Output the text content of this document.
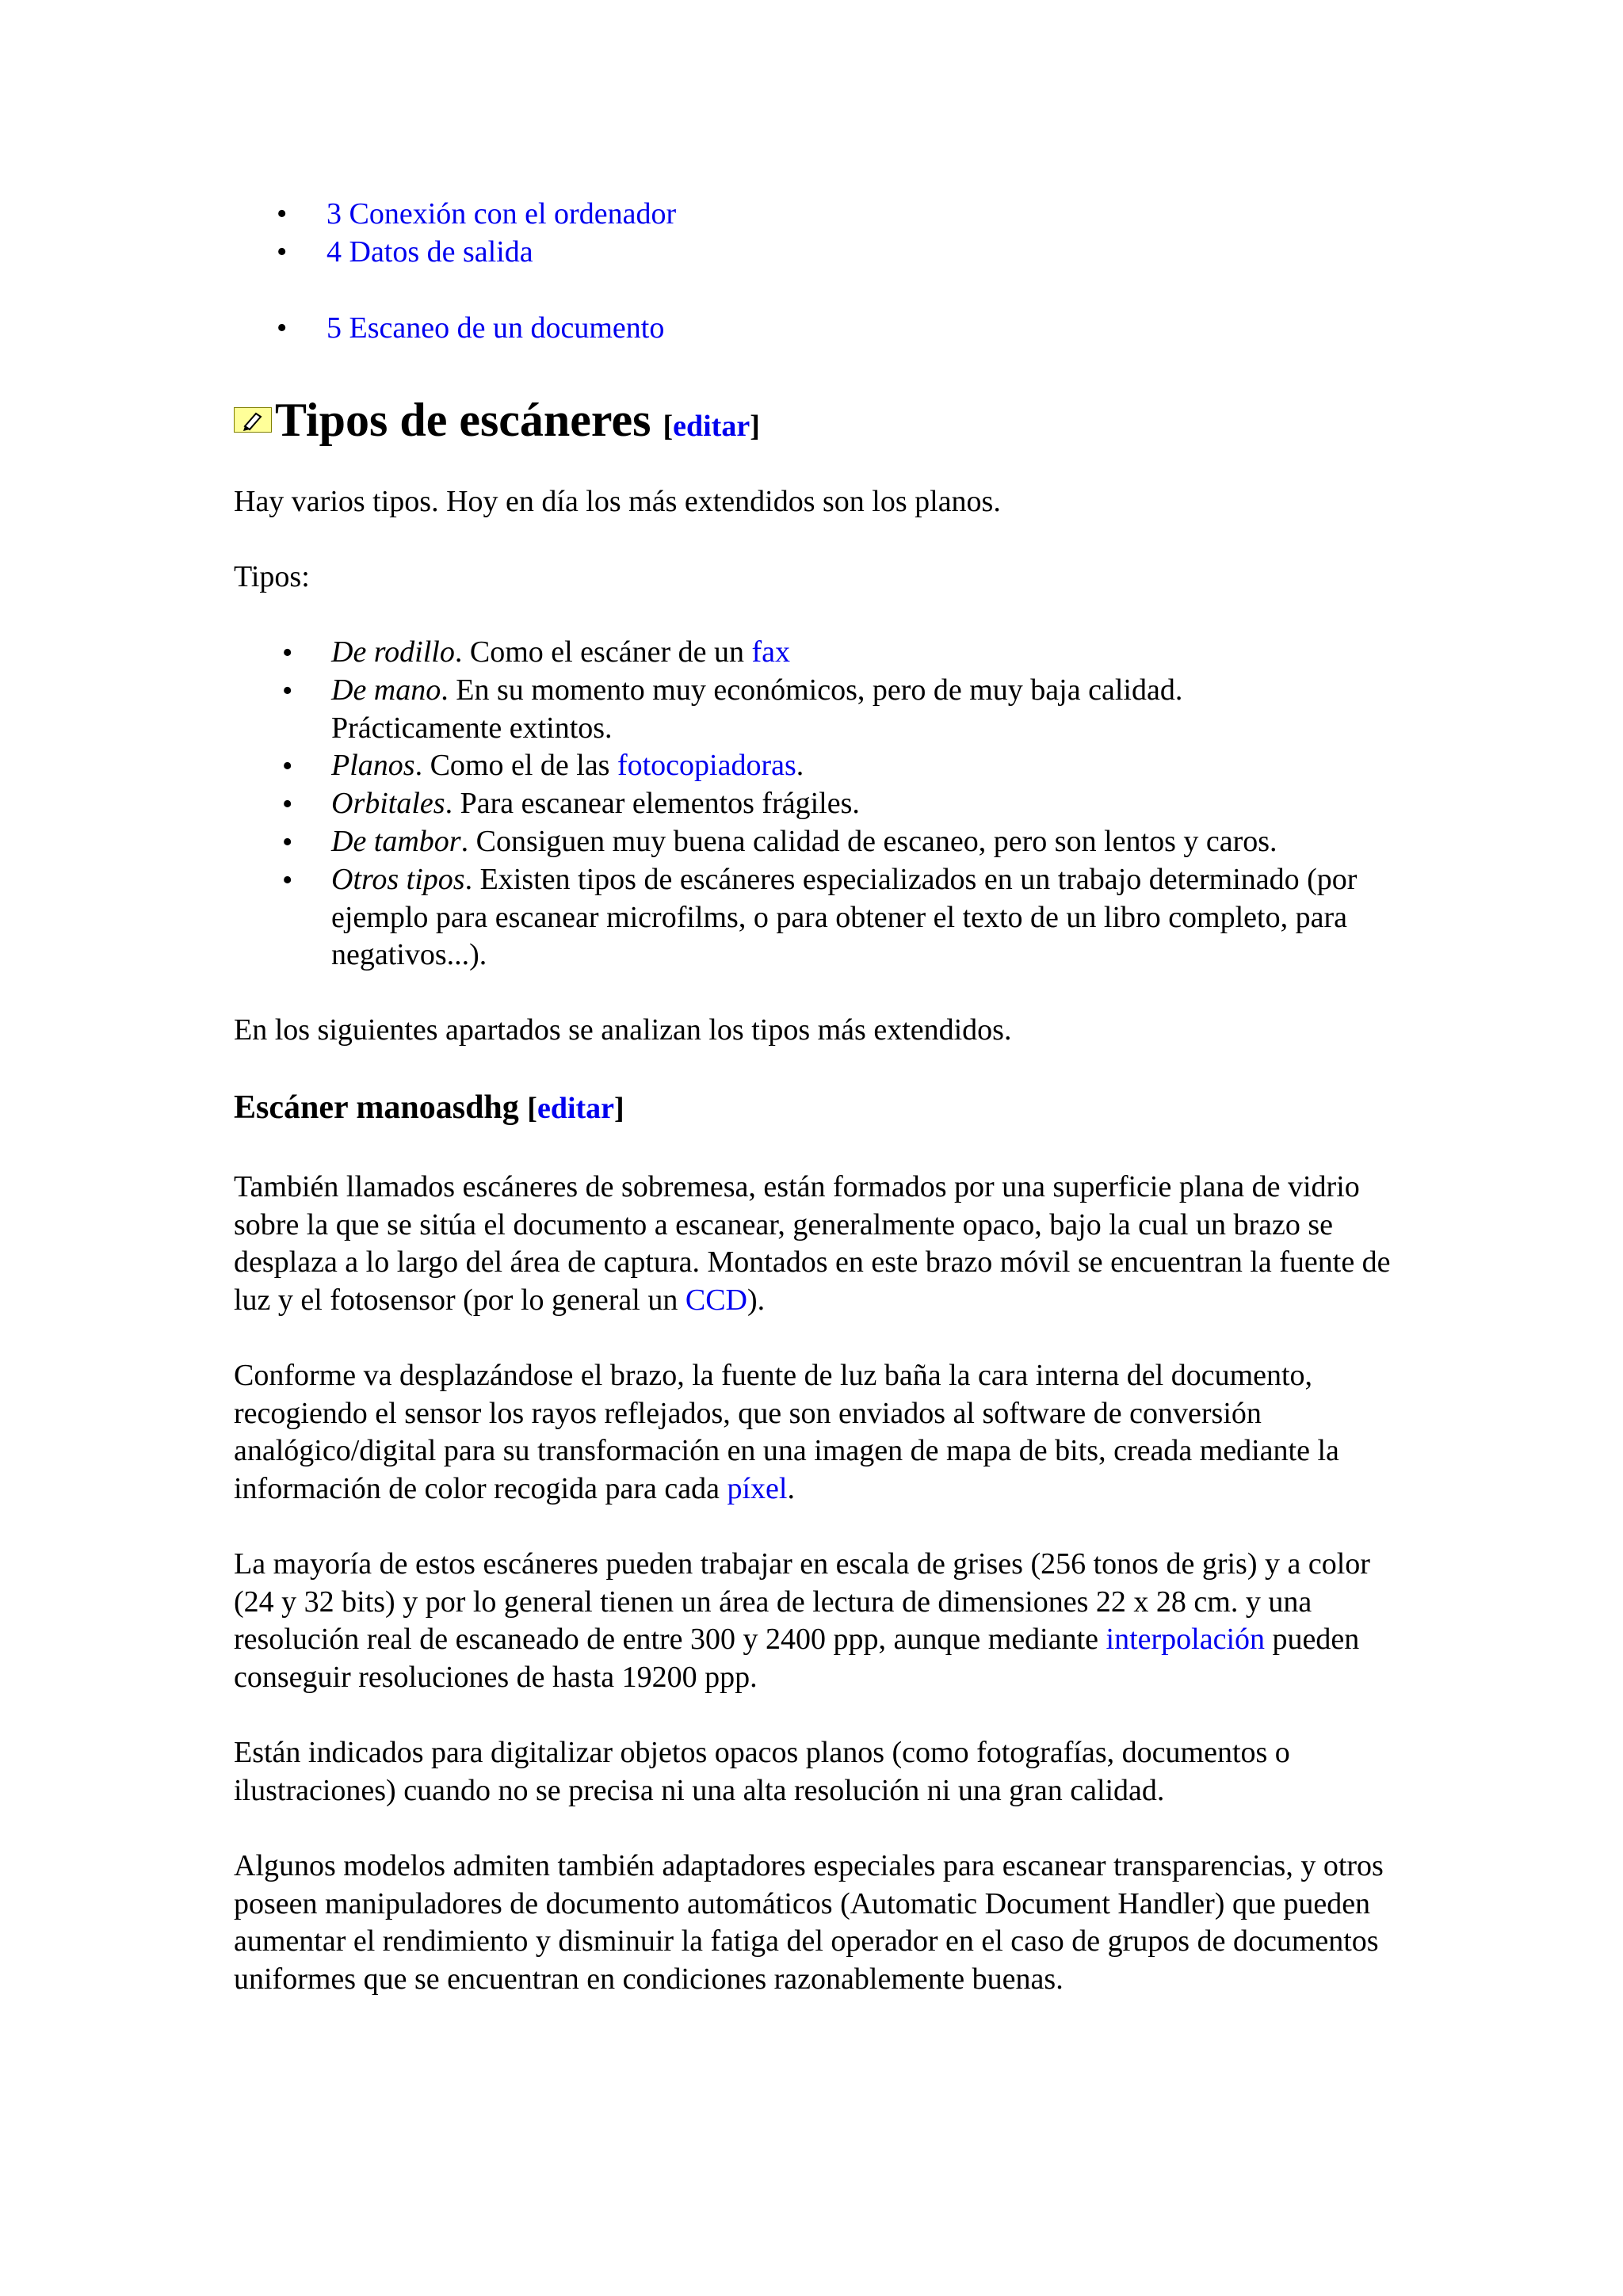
• 3 Conexión con el ordenador
• 4 Datos de salida
• 5 Escaneo de un documento
Tipos de escáneres [editar]

Hay varios tipos. Hoy en día los más extendidos son los planos.

Tipos:

• De rodillo. Como el escáner de un fax
• De mano. En su momento muy económicos, pero de muy baja calidad. Prácticamente extintos.
• Planos. Como el de las fotocopiadoras.
• Orbitales. Para escanear elementos frágiles.
• De tambor. Consiguen muy buena calidad de escaneo, pero son lentos y caros.
• Otros tipos. Existen tipos de escáneres especializados en un trabajo determinado (por ejemplo para escanear microfilms, o para obtener el texto de un libro completo, para negativos...).

En los siguientes apartados se analizan los tipos más extendidos.

Escáner manoasdhg [editar]

También llamados escáneres de sobremesa, están formados por una superficie plana de vidrio sobre la que se sitúa el documento a escanear, generalmente opaco, bajo la cual un brazo se desplaza a lo largo del área de captura. Montados en este brazo móvil se encuentran la fuente de luz y el fotosensor (por lo general un CCD).

Conforme va desplazándose el brazo, la fuente de luz baña la cara interna del documento, recogiendo el sensor los rayos reflejados, que son enviados al software de conversión analógico/digital para su transformación en una imagen de mapa de bits, creada mediante la información de color recogida para cada píxel.

La mayoría de estos escáneres pueden trabajar en escala de grises (256 tonos de gris) y a color (24 y 32 bits) y por lo general tienen un área de lectura de dimensiones 22 x 28 cm. y una resolución real de escaneado de entre 300 y 2400 ppp, aunque mediante interpolación pueden conseguir resoluciones de hasta 19200 ppp.

Están indicados para digitalizar objetos opacos planos (como fotografías, documentos o ilustraciones) cuando no se precisa ni una alta resolución ni una gran calidad.

Algunos modelos admiten también adaptadores especiales para escanear transparencias, y otros poseen manipuladores de documento automáticos (Automatic Document Handler) que pueden aumentar el rendimiento y disminuir la fatiga del operador en el caso de grupos de documentos uniformes que se encuentran en condiciones razonablemente buenas.
